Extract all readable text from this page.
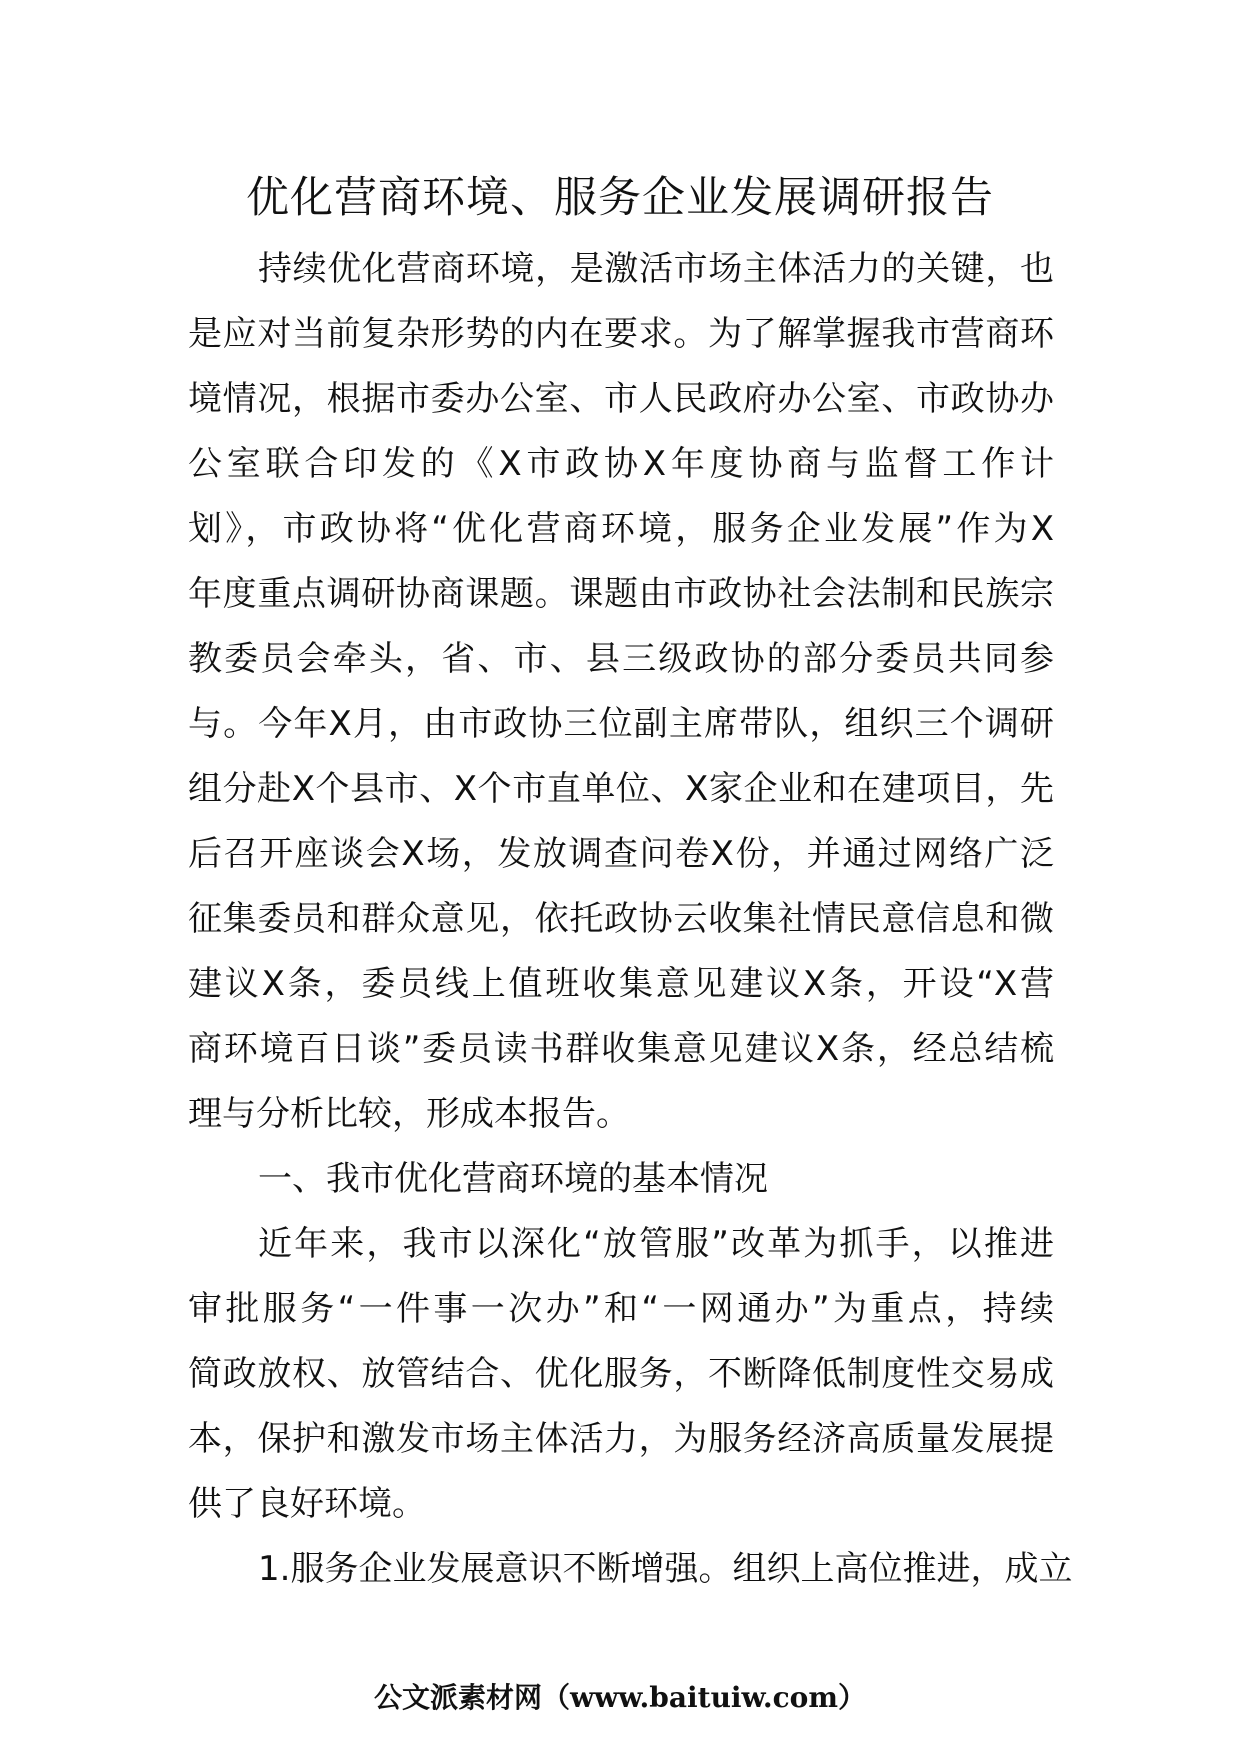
优化营商环境、服务企业发展调研报告
持续优化营商环境，是激活市场主体活力的关键，也
是应对当前复杂形势的内在要求。为了解掌握我市营商环
境情况，根据市委办公室、市人民政府办公室、市政协办
公室联合印发的《X市政协X年度协商与监督工作计
划》，市政协将“优化营商环境，服务企业发展”作为X
年度重点调研协商课题。课题由市政协社会法制和民族宗
教委员会牵头，省、市、县三级政协的部分委员共同参
与。今年X月，由市政协三位副主席带队，组织三个调研
组分赴X个县市、X个市直单位、X家企业和在建项目，先
后召开座谈会X场，发放调查问卷X份，并通过网络广泛
征集委员和群众意见，依托政协云收集社情民意信息和微
建议X条，委员线上值班收集意见建议X条，开设“X营
商环境百日谈”委员读书群收集意见建议X条，经总结梳
理与分析比较，形成本报告。
一、我市优化营商环境的基本情况
近年来，我市以深化“放管服”改革为抓手，以推进
审批服务“一件事一次办”和“一网通办”为重点，持续
简政放权、放管结合、优化服务，不断降低制度性交易成
本，保护和激发市场主体活力，为服务经济高质量发展提
供了良好环境。
1.服务企业发展意识不断增强。组织上高位推进，成立
公文派素材网（www.baituiw.com）
